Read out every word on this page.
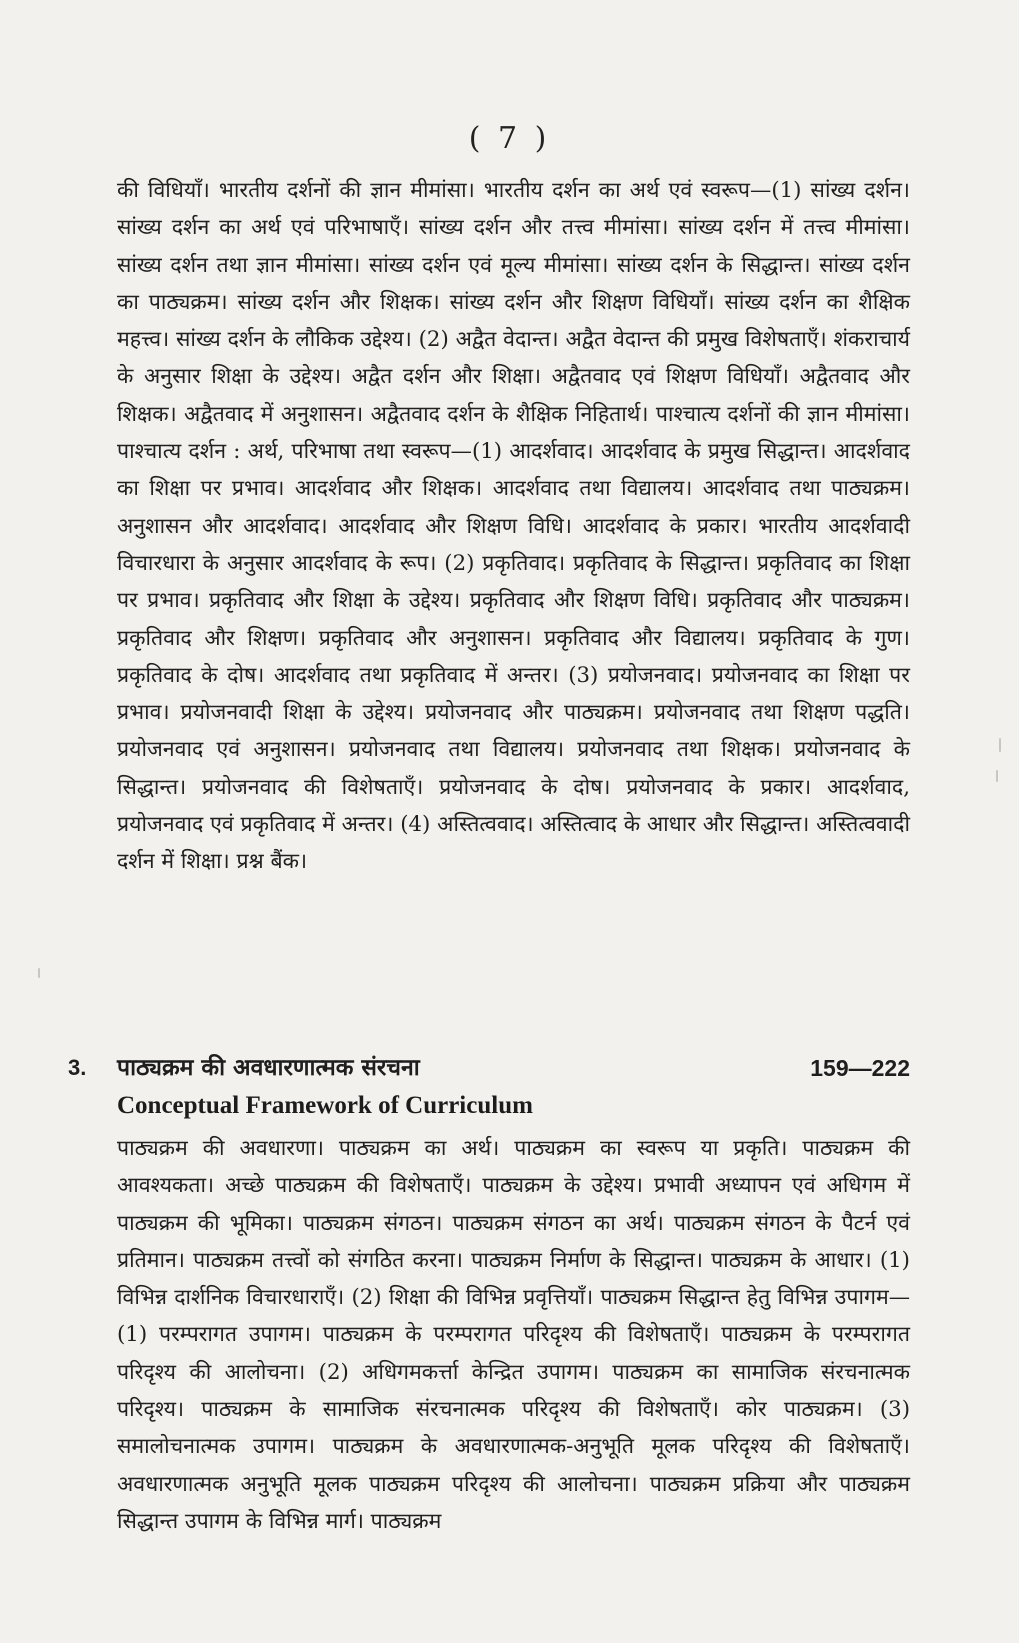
( 7 )
की विधियाँ। भारतीय दर्शनों की ज्ञान मीमांसा। भारतीय दर्शन का अर्थ एवं स्वरूप—(1) सांख्य दर्शन। सांख्य दर्शन का अर्थ एवं परिभाषाएँ। सांख्य दर्शन और तत्त्व मीमांसा। सांख्य दर्शन में तत्त्व मीमांसा। सांख्य दर्शन तथा ज्ञान मीमांसा। सांख्य दर्शन एवं मूल्य मीमांसा। सांख्य दर्शन के सिद्धान्त। सांख्य दर्शन का पाठ्यक्रम। सांख्य दर्शन और शिक्षक। सांख्य दर्शन और शिक्षण विधियाँ। सांख्य दर्शन का शैक्षिक महत्त्व। सांख्य दर्शन के लौकिक उद्देश्य। (2) अद्वैत वेदान्त। अद्वैत वेदान्त की प्रमुख विशेषताएँ। शंकराचार्य के अनुसार शिक्षा के उद्देश्य। अद्वैत दर्शन और शिक्षा। अद्वैतवाद एवं शिक्षण विधियाँ। अद्वैतवाद और शिक्षक। अद्वैतवाद में अनुशासन। अद्वैतवाद दर्शन के शैक्षिक निहितार्थ। पाश्चात्य दर्शनों की ज्ञान मीमांसा। पाश्चात्य दर्शन : अर्थ, परिभाषा तथा स्वरूप—(1) आदर्शवाद। आदर्शवाद के प्रमुख सिद्धान्त। आदर्शवाद का शिक्षा पर प्रभाव। आदर्शवाद और शिक्षक। आदर्शवाद तथा विद्यालय। आदर्शवाद तथा पाठ्यक्रम। अनुशासन और आदर्शवाद। आदर्शवाद और शिक्षण विधि। आदर्शवाद के प्रकार। भारतीय आदर्शवादी विचारधारा के अनुसार आदर्शवाद के रूप। (2) प्रकृतिवाद। प्रकृतिवाद के सिद्धान्त। प्रकृतिवाद का शिक्षा पर प्रभाव। प्रकृतिवाद और शिक्षा के उद्देश्य। प्रकृतिवाद और शिक्षण विधि। प्रकृतिवाद और पाठ्यक्रम। प्रकृतिवाद और शिक्षण। प्रकृतिवाद और अनुशासन। प्रकृतिवाद और विद्यालय। प्रकृतिवाद के गुण। प्रकृतिवाद के दोष। आदर्शवाद तथा प्रकृतिवाद में अन्तर। (3) प्रयोजनवाद। प्रयोजनवाद का शिक्षा पर प्रभाव। प्रयोजनवादी शिक्षा के उद्देश्य। प्रयोजनवाद और पाठ्यक्रम। प्रयोजनवाद तथा शिक्षण पद्धति। प्रयोजनवाद एवं अनुशासन। प्रयोजनवाद तथा विद्यालय। प्रयोजनवाद तथा शिक्षक। प्रयोजनवाद के सिद्धान्त। प्रयोजनवाद की विशेषताएँ। प्रयोजनवाद के दोष। प्रयोजनवाद के प्रकार। आदर्शवाद, प्रयोजनवाद एवं प्रकृतिवाद में अन्तर। (4) अस्तित्ववाद। अस्तित्वाद के आधार और सिद्धान्त। अस्तित्ववादी दर्शन में शिक्षा। प्रश्न बैंक।
3. पाठ्यक्रम की अवधारणात्मक संरचना	159—222
Conceptual Framework of Curriculum
पाठ्यक्रम की अवधारणा। पाठ्यक्रम का अर्थ। पाठ्यक्रम का स्वरूप या प्रकृति। पाठ्यक्रम की आवश्यकता। अच्छे पाठ्यक्रम की विशेषताएँ। पाठ्यक्रम के उद्देश्य। प्रभावी अध्यापन एवं अधिगम में पाठ्यक्रम की भूमिका। पाठ्यक्रम संगठन। पाठ्यक्रम संगठन का अर्थ। पाठ्यक्रम संगठन के पैटर्न एवं प्रतिमान। पाठ्यक्रम तत्त्वों को संगठित करना। पाठ्यक्रम निर्माण के सिद्धान्त। पाठ्यक्रम के आधार। (1) विभिन्न दार्शनिक विचारधाराएँ। (2) शिक्षा की विभिन्न प्रवृत्तियाँ। पाठ्यक्रम सिद्धान्त हेतु विभिन्न उपागम—(1) परम्परागत उपागम। पाठ्यक्रम के परम्परागत परिदृश्य की विशेषताएँ। पाठ्यक्रम के परम्परागत परिदृश्य की आलोचना। (2) अधिगमकर्त्ता केन्द्रित उपागम। पाठ्यक्रम का सामाजिक संरचनात्मक परिदृश्य। पाठ्यक्रम के सामाजिक संरचनात्मक परिदृश्य की विशेषताएँ। कोर पाठ्यक्रम। (3) समालोचनात्मक उपागम। पाठ्यक्रम के अवधारणात्मक-अनुभूति मूलक परिदृश्य की विशेषताएँ। अवधारणात्मक अनुभूति मूलक पाठ्यक्रम परिदृश्य की आलोचना। पाठ्यक्रम प्रक्रिया और पाठ्यक्रम सिद्धान्त उपागम के विभिन्न मार्ग। पाठ्यक्रम
